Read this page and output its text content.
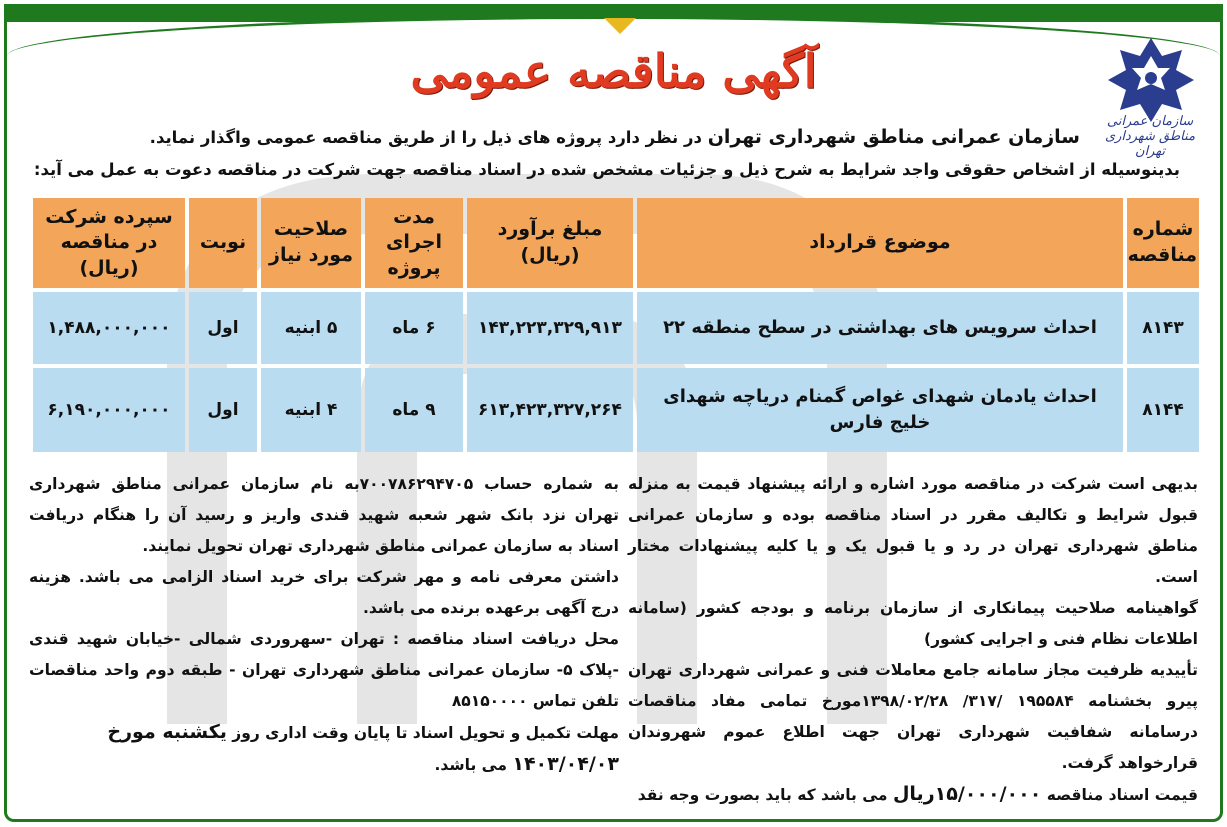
سازمان عمرانی مناطق شهرداری تهران
آگهی مناقصه عمومی
سازمان عمرانی مناطق شهرداری تهران در نظر دارد پروژه های ذیل را از طریق مناقصه عمومی واگذار نماید.
بدینوسیله از اشخاص حقوقی واجد شرایط به شرح ذیل و جزئیات مشخص شده در اسناد مناقصه جهت شرکت در مناقصه دعوت به عمل می آید:
شماره مناقصه	موضوع قرارداد	مبلغ برآورد (ریال)	مدت اجرای پروژه	صلاحیت مورد نیاز	نوبت	سپرده شرکت در مناقصه (ریال)
۸۱۴۳	احداث سرویس های بهداشتی در سطح منطقه ۲۲	۱۴۳,۲۲۳,۳۲۹,۹۱۳	۶ ماه	۵ ابنیه	اول	۱,۴۸۸,۰۰۰,۰۰۰
۸۱۴۴	احداث یادمان شهدای غواص گمنام دریاچه شهدای خلیج فارس	۶۱۳,۴۲۳,۳۲۷,۲۶۴	۹ ماه	۴ ابنیه	اول	۶,۱۹۰,۰۰۰,۰۰۰

بدیهی است شرکت در مناقصه مورد اشاره و ارائه پیشنهاد قیمت به منزله قبول شرایط و تکالیف مقرر در اسناد مناقصه بوده و سازمان عمرانی مناطق شهرداری تهران در رد و یا قبول یک و یا کلیه پیشنهادات مختار است.

گواهینامه صلاحیت پیمانکاری از سازمان برنامه و بودجه کشور (سامانه اطلاعات نظام فنی و اجرایی کشور)

تأییدیه ظرفیت مجاز سامانه جامع معاملات فنی و عمرانی شهرداری تهران پیرو بخشنامه ۱۹۵۵۸۴ /۳۱۷/ ۱۳۹۸/۰۲/۲۸مورخ تمامی مفاد مناقصات درسامانه شفافیت شهرداری تهران جهت اطلاع عموم شهروندان قرارخواهد گرفت.

قیمت اسناد مناقصه ۱۵/۰۰۰/۰۰۰ریال می باشد که باید بصورت وجه نقد

به شماره حساب ۷۰۰۷۸۶۲۹۴۷۰۵به نام سازمان عمرانی مناطق شهرداری تهران نزد بانک شهر شعبه شهید قندی واریز و رسید آن را هنگام دریافت اسناد به سازمان عمرانی مناطق شهرداری تهران تحویل نمایند.

داشتن معرفی نامه و مهر شرکت برای خرید اسناد الزامی می باشد. هزینه درج آگهی برعهده برنده می باشد.

محل دریافت اسناد مناقصه : تهران -سهروردی شمالی -خیابان شهید قندی -پلاک ۵- سازمان عمرانی مناطق شهرداری تهران - طبقه دوم واحد مناقصات تلفن تماس ۸۵۱۵۰۰۰۰

مهلت تکمیل و تحویل اسناد تا پایان وقت اداری روز یکشنبه مورخ
۱۴۰۳/۰۴/۰۳ می باشد.
